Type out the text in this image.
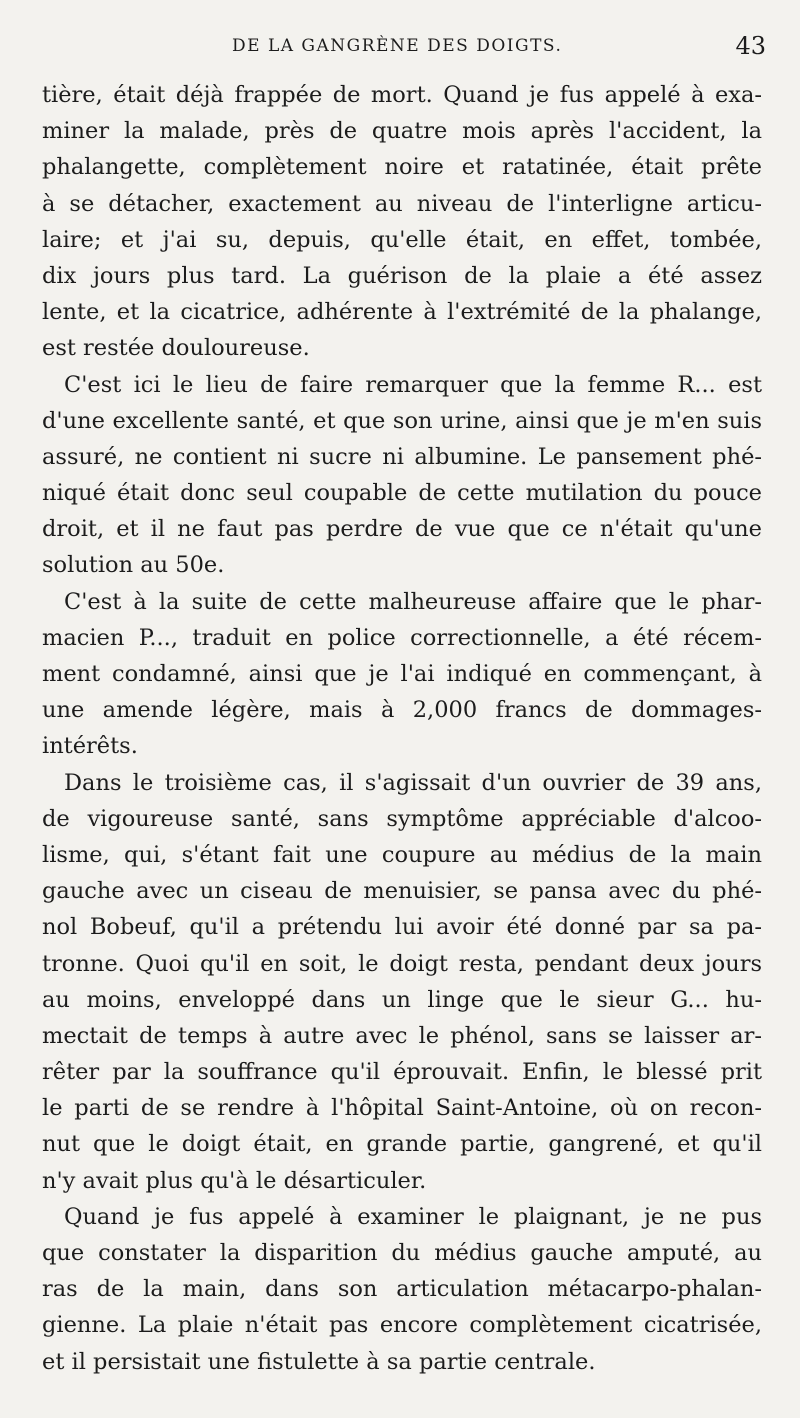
DE LA GANGRÈNE DES DOIGTS.	43
tière, était déjà frappée de mort. Quand je fus appelé à exa-
miner la malade, près de quatre mois après l'accident, la
phalangette, complètement noire et ratatinée, était prête
à se détacher, exactement au niveau de l'interligne articu-
laire; et j'ai su, depuis, qu'elle était, en effet, tombée,
dix jours plus tard. La guérison de la plaie a été assez
lente, et la cicatrice, adhérente à l'extrémité de la phalange,
est restée douloureuse.
C'est ici le lieu de faire remarquer que la femme R... est
d'une excellente santé, et que son urine, ainsi que je m'en suis
assuré, ne contient ni sucre ni albumine. Le pansement phé-
niqué était donc seul coupable de cette mutilation du pouce
droit, et il ne faut pas perdre de vue que ce n'était qu'une
solution au 50e.
C'est à la suite de cette malheureuse affaire que le phar-
macien P..., traduit en police correctionnelle, a été récem-
ment condamné, ainsi que je l'ai indiqué en commençant, à
une amende légère, mais à 2,000 francs de dommages-
intérêts.
Dans le troisième cas, il s'agissait d'un ouvrier de 39 ans,
de vigoureuse santé, sans symptôme appréciable d'alcoo-
lisme, qui, s'étant fait une coupure au médius de la main
gauche avec un ciseau de menuisier, se pansa avec du phé-
nol Bobeuf, qu'il a prétendu lui avoir été donné par sa pa-
tronne. Quoi qu'il en soit, le doigt resta, pendant deux jours
au moins, enveloppé dans un linge que le sieur G... hu-
mectait de temps à autre avec le phénol, sans se laisser ar-
rêter par la souffrance qu'il éprouvait. Enfin, le blessé prit
le parti de se rendre à l'hôpital Saint-Antoine, où on recon-
nut que le doigt était, en grande partie, gangrené, et qu'il
n'y avait plus qu'à le désarticuler.
Quand je fus appelé à examiner le plaignant, je ne pus
que constater la disparition du médius gauche amputé, au
ras de la main, dans son articulation métacarpo-phalan-
gienne. La plaie n'était pas encore complètement cicatrisée,
et il persistait une fistulette à sa partie centrale.
